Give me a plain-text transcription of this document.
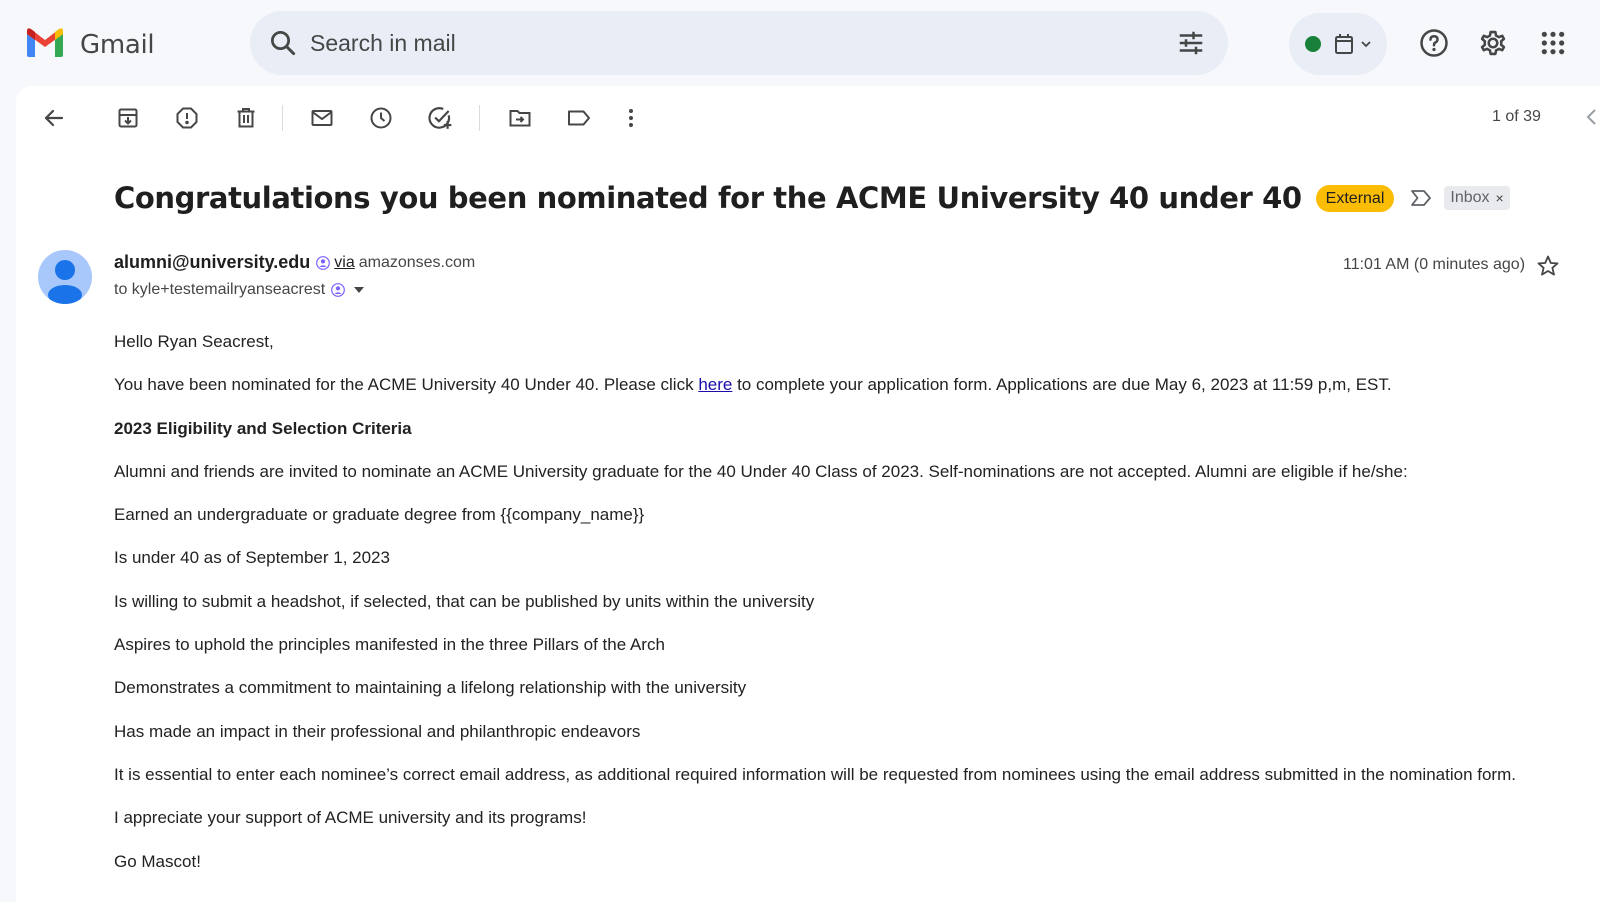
Gmail
Search in mail
1 of 39
Congratulations you been nominated for the ACME University 40 under 40	External	Inbox ×
alumni@university.edu via amazonses.com
to kyle+testemailryanseacrest
11:01 AM (0 minutes ago)

Hello Ryan Seacrest,

You have been nominated for the ACME University 40 Under 40. Please click here to complete your application form. Applications are due May 6, 2023 at 11:59 p,m, EST.

2023 Eligibility and Selection Criteria

Alumni and friends are invited to nominate an ACME University graduate for the 40 Under 40 Class of 2023. Self-nominations are not accepted. Alumni are eligible if he/she:

Earned an undergraduate or graduate degree from {{company_name}}

Is under 40 as of September 1, 2023

Is willing to submit a headshot, if selected, that can be published by units within the university

Aspires to uphold the principles manifested in the three Pillars of the Arch

Demonstrates a commitment to maintaining a lifelong relationship with the university

Has made an impact in their professional and philanthropic endeavors

It is essential to enter each nominee’s correct email address, as additional required information will be requested from nominees using the email address submitted in the nomination form.

I appreciate your support of ACME university and its programs!

Go Mascot!
